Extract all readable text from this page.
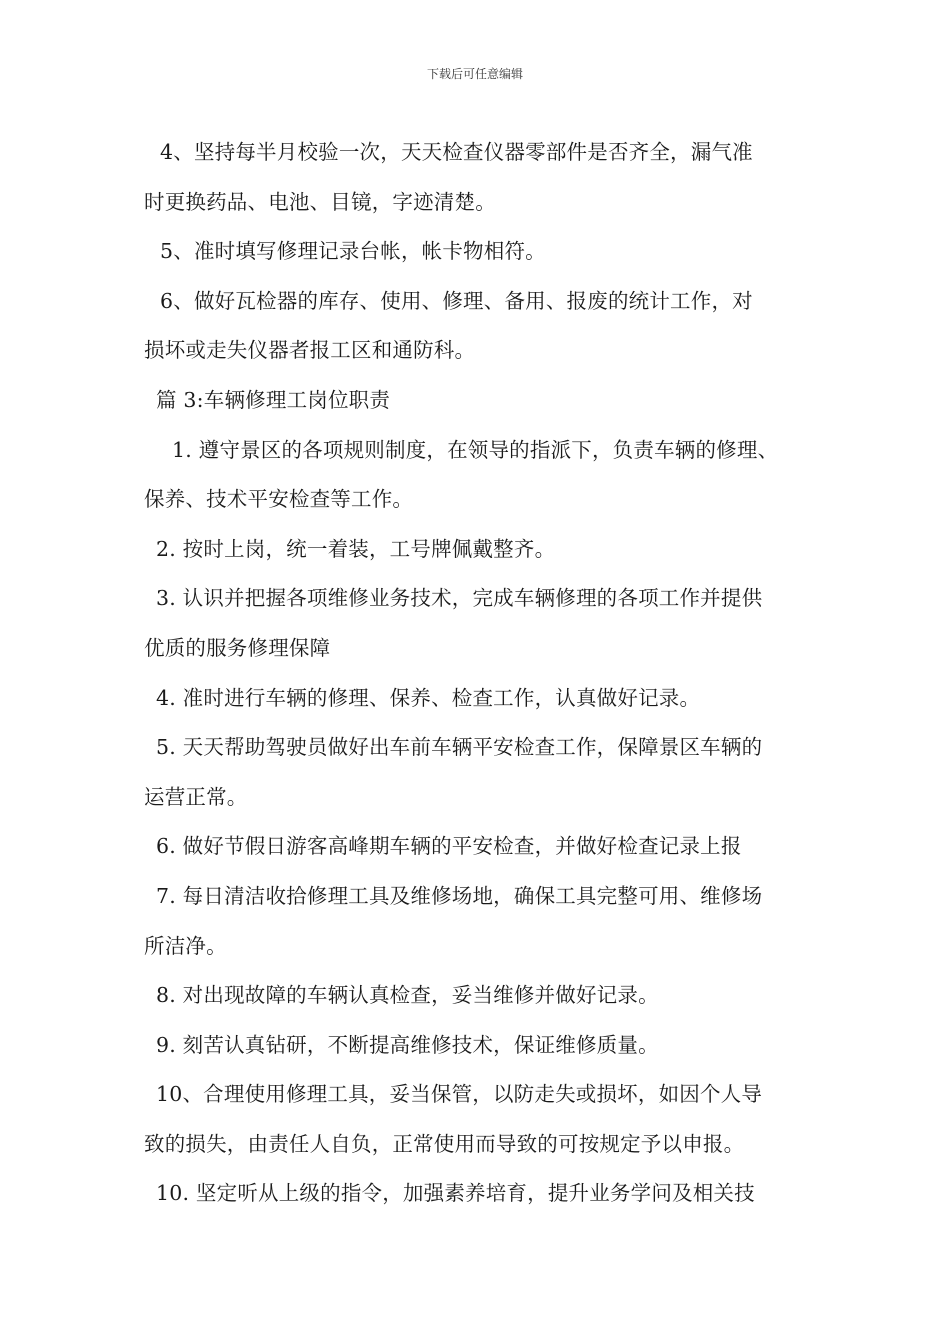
下载后可任意编辑
4、坚持每半月校验一次，天天检查仪器零部件是否齐全，漏气准
时更换药品、电池、目镜，字迹清楚。
5、准时填写修理记录台帐，帐卡物相符。
6、做好瓦检器的库存、使用、修理、备用、报废的统计工作，对
损坏或走失仪器者报工区和通防科。
篇 3:车辆修理工岗位职责
1. 遵守景区的各项规则制度，在领导的指派下，负责车辆的修理、
保养、技术平安检查等工作。
2. 按时上岗，统一着装，工号牌佩戴整齐。
3. 认识并把握各项维修业务技术，完成车辆修理的各项工作并提供
优质的服务修理保障
4. 准时进行车辆的修理、保养、检查工作，认真做好记录。
5. 天天帮助驾驶员做好出车前车辆平安检查工作，保障景区车辆的
运营正常。
6. 做好节假日游客高峰期车辆的平安检查，并做好检查记录上报
7. 每日清洁收拾修理工具及维修场地，确保工具完整可用、维修场
所洁净。
8. 对出现故障的车辆认真检查，妥当维修并做好记录。
9. 刻苦认真钻研，不断提高维修技术，保证维修质量。
10、合理使用修理工具，妥当保管，以防走失或损坏，如因个人导
致的损失，由责任人自负，正常使用而导致的可按规定予以申报。
10. 坚定听从上级的指令，加强素养培育，提升业务学问及相关技
